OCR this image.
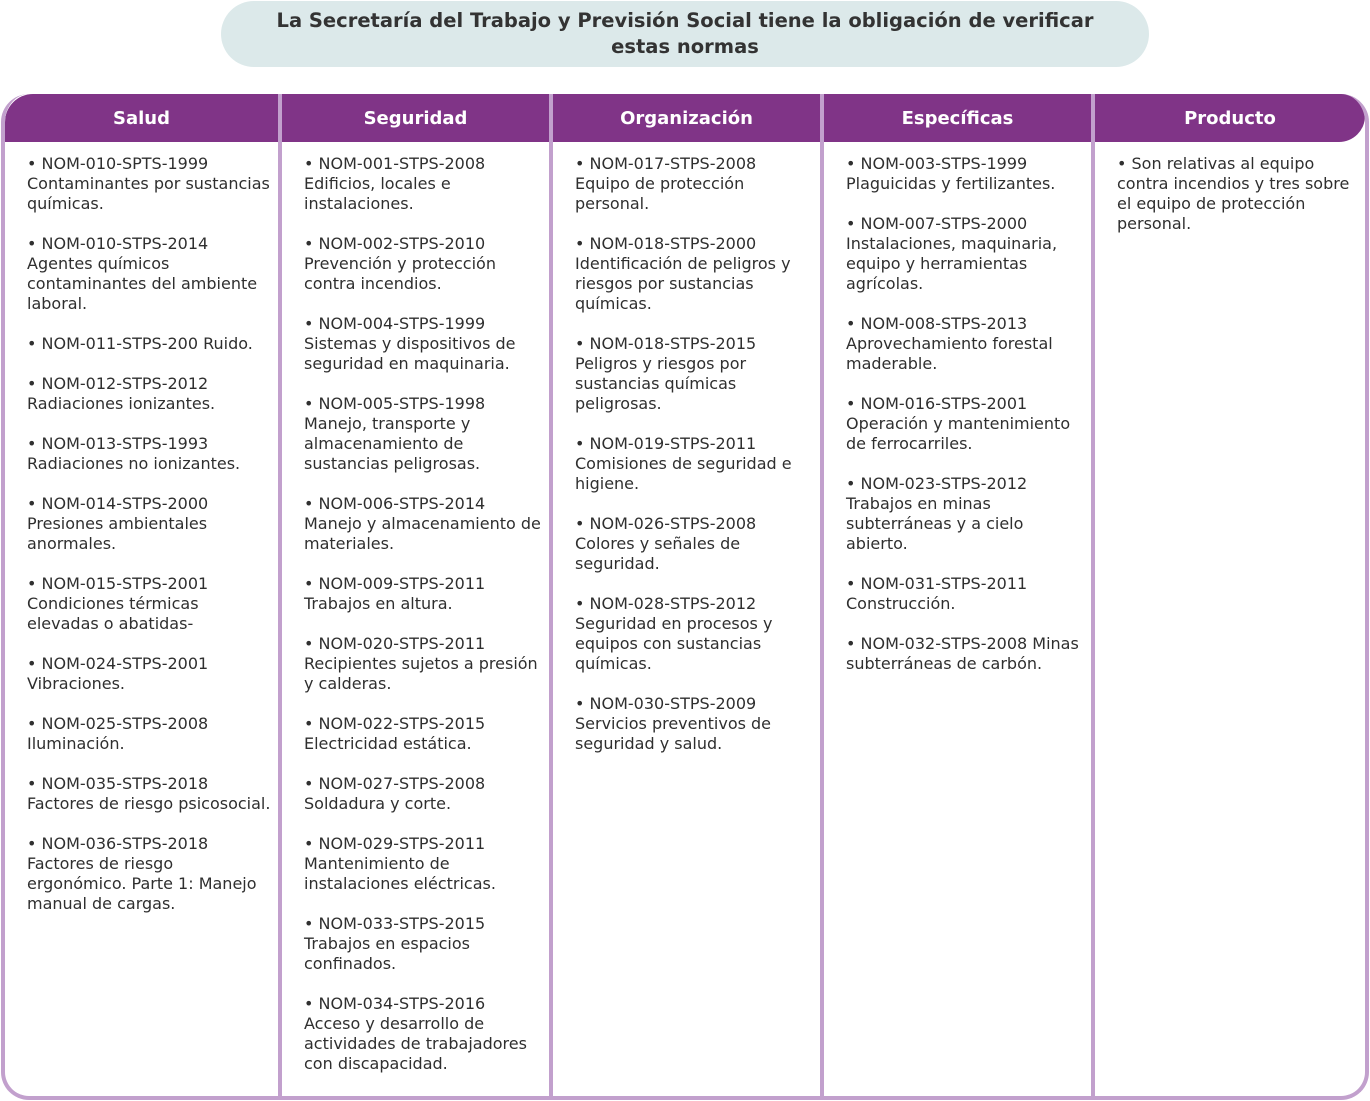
La Secretaría del Trabajo y Previsión Social tiene la obligación de verificar estas normas
Salud
• NOM-010-SPTS-1999 Contaminantes por sustancias químicas.
• NOM-010-STPS-2014 Agentes químicos contaminantes del ambiente laboral.
• NOM-011-STPS-200 Ruido.
• NOM-012-STPS-2012 Radiaciones ionizantes.
• NOM-013-STPS-1993 Radiaciones no ionizantes.
• NOM-014-STPS-2000 Presiones ambientales anormales.
• NOM-015-STPS-2001 Condiciones térmicas elevadas o abatidas-
• NOM-024-STPS-2001 Vibraciones.
• NOM-025-STPS-2008 Iluminación.
• NOM-035-STPS-2018 Factores de riesgo psicosocial.
• NOM-036-STPS-2018 Factores de riesgo ergonómico. Parte 1: Manejo manual de cargas.
Seguridad
• NOM-001-STPS-2008 Edificios, locales e instalaciones.
• NOM-002-STPS-2010 Prevención y protección contra incendios.
• NOM-004-STPS-1999 Sistemas y dispositivos de seguridad en maquinaria.
• NOM-005-STPS-1998 Manejo, transporte y almacenamiento de sustancias peligrosas.
• NOM-006-STPS-2014 Manejo y almacenamiento de materiales.
• NOM-009-STPS-2011 Trabajos en altura.
• NOM-020-STPS-2011 Recipientes sujetos a presión y calderas.
• NOM-022-STPS-2015 Electricidad estática.
• NOM-027-STPS-2008 Soldadura y corte.
• NOM-029-STPS-2011 Mantenimiento de instalaciones eléctricas.
• NOM-033-STPS-2015 Trabajos en espacios confinados.
• NOM-034-STPS-2016 Acceso y desarrollo de actividades de trabajadores con discapacidad.
Organización
• NOM-017-STPS-2008 Equipo de protección personal.
• NOM-018-STPS-2000 Identificación de peligros y riesgos por sustancias químicas.
• NOM-018-STPS-2015 Peligros y riesgos por sustancias químicas peligrosas.
• NOM-019-STPS-2011 Comisiones de seguridad e higiene.
• NOM-026-STPS-2008 Colores y señales de seguridad.
• NOM-028-STPS-2012 Seguridad en procesos y equipos con sustancias químicas.
• NOM-030-STPS-2009 Servicios preventivos de seguridad y salud.
Específicas
• NOM-003-STPS-1999 Plaguicidas y fertilizantes.
• NOM-007-STPS-2000 Instalaciones, maquinaria, equipo y herramientas agrícolas.
• NOM-008-STPS-2013 Aprovechamiento forestal maderable.
• NOM-016-STPS-2001 Operación y mantenimiento de ferrocarriles.
• NOM-023-STPS-2012 Trabajos en minas subterráneas y a cielo abierto.
• NOM-031-STPS-2011 Construcción.
• NOM-032-STPS-2008 Minas subterráneas de carbón.
Producto
• Son relativas al equipo contra incendios y tres sobre el equipo de protección personal.
